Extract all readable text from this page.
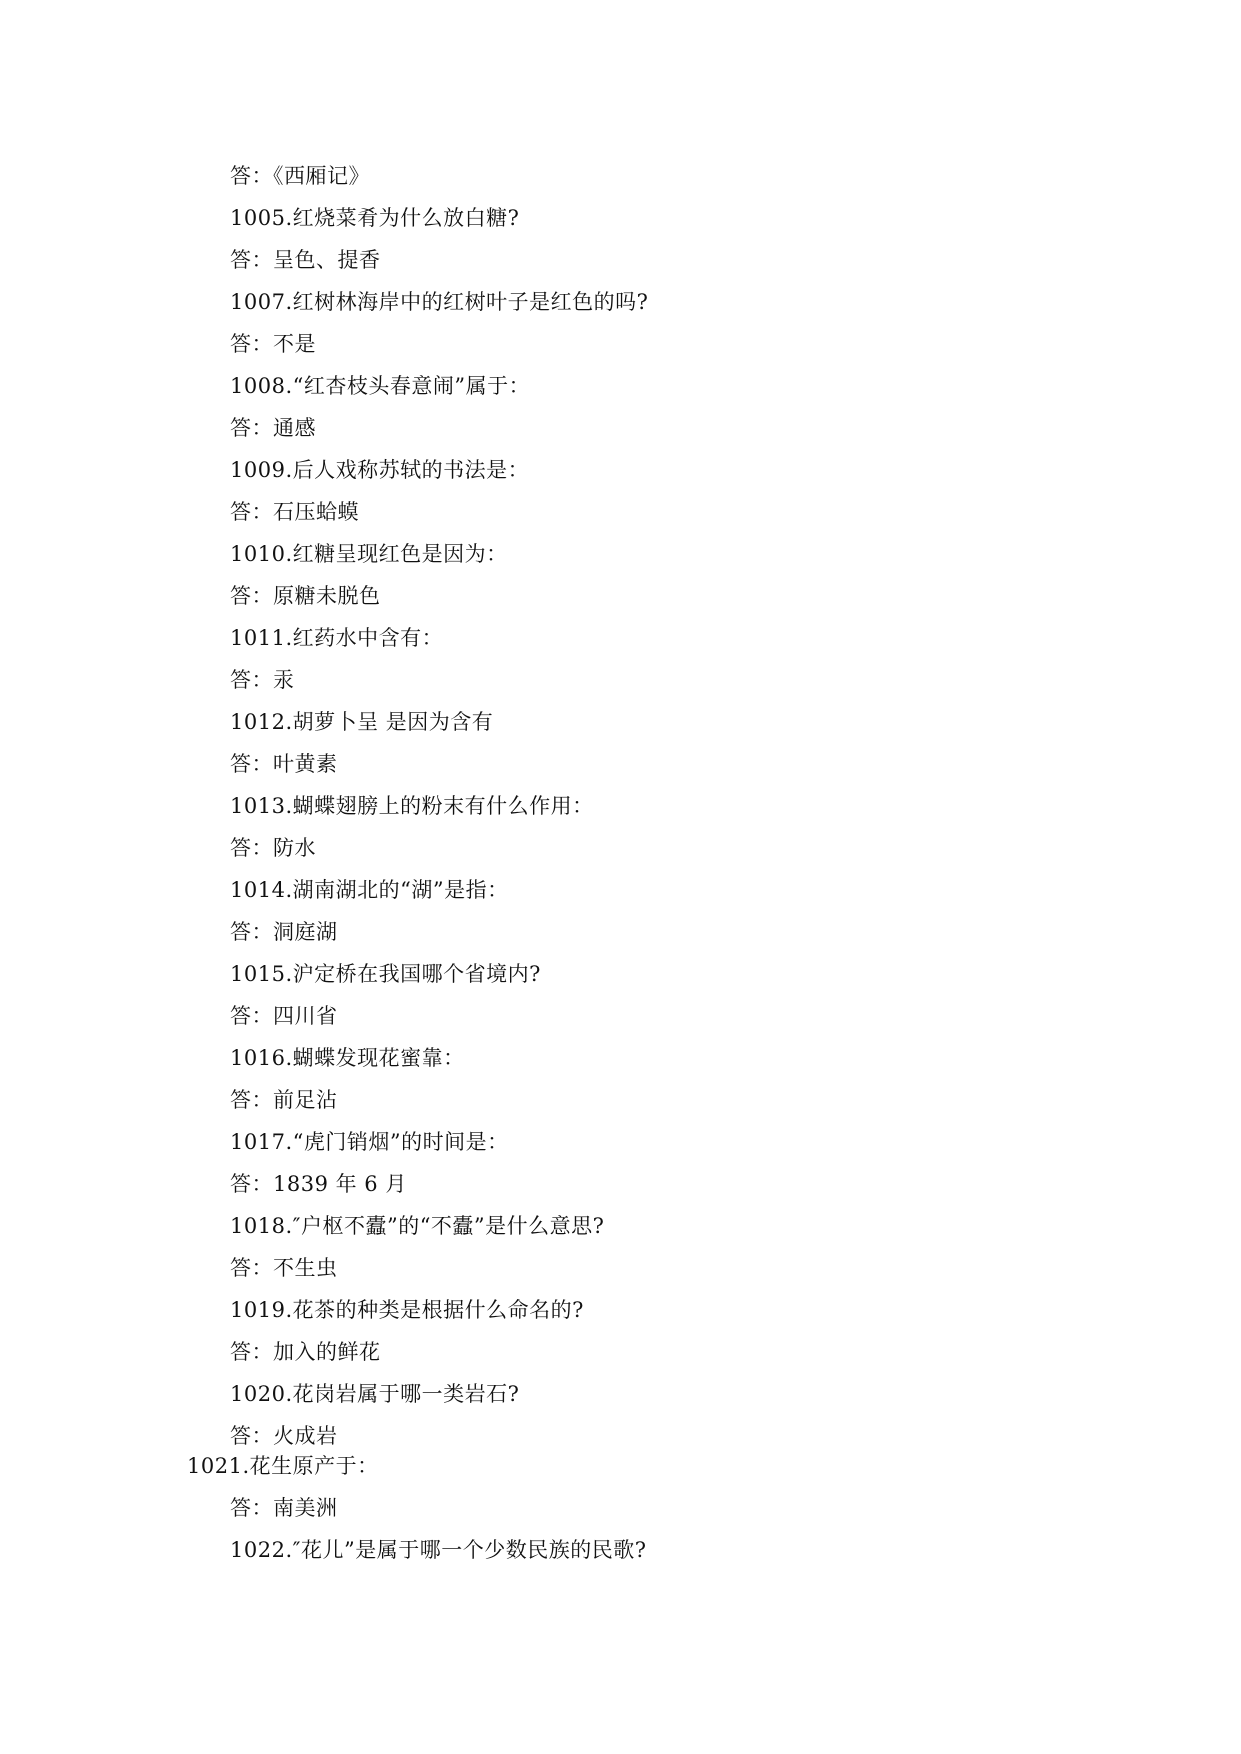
答：《西厢记》
1005.红烧菜肴为什么放白糖?
答：呈色、提香
1007.红树林海岸中的红树叶子是红色的吗?
答：不是
1008.“红杏枝头春意闹”属于：
答：通感
1009.后人戏称苏轼的书法是：
答：石压蛤蟆
1010.红糖呈现红色是因为：
答：原糖未脱色
1011.红药水中含有：
答：汞
1012.胡萝卜呈 是因为含有
答：叶黄素
1013.蝴蝶翅膀上的粉末有什么作用：
答：防水
1014.湖南湖北的“湖”是指：
答：洞庭湖
1015.沪定桥在我国哪个省境内?
答：四川省
1016.蝴蝶发现花蜜靠：
答：前足沾
1017.“虎门销烟”的时间是：
答：1839 年 6 月
1018.″户枢不蠹”的“不蠹”是什么意思?
答：不生虫
1019.花茶的种类是根据什么命名的?
答：加入的鲜花
1020.花岗岩属于哪一类岩石?
答：火成岩
1021.花生原产于：
答：南美洲
1022.″花儿”是属于哪一个少数民族的民歌?
